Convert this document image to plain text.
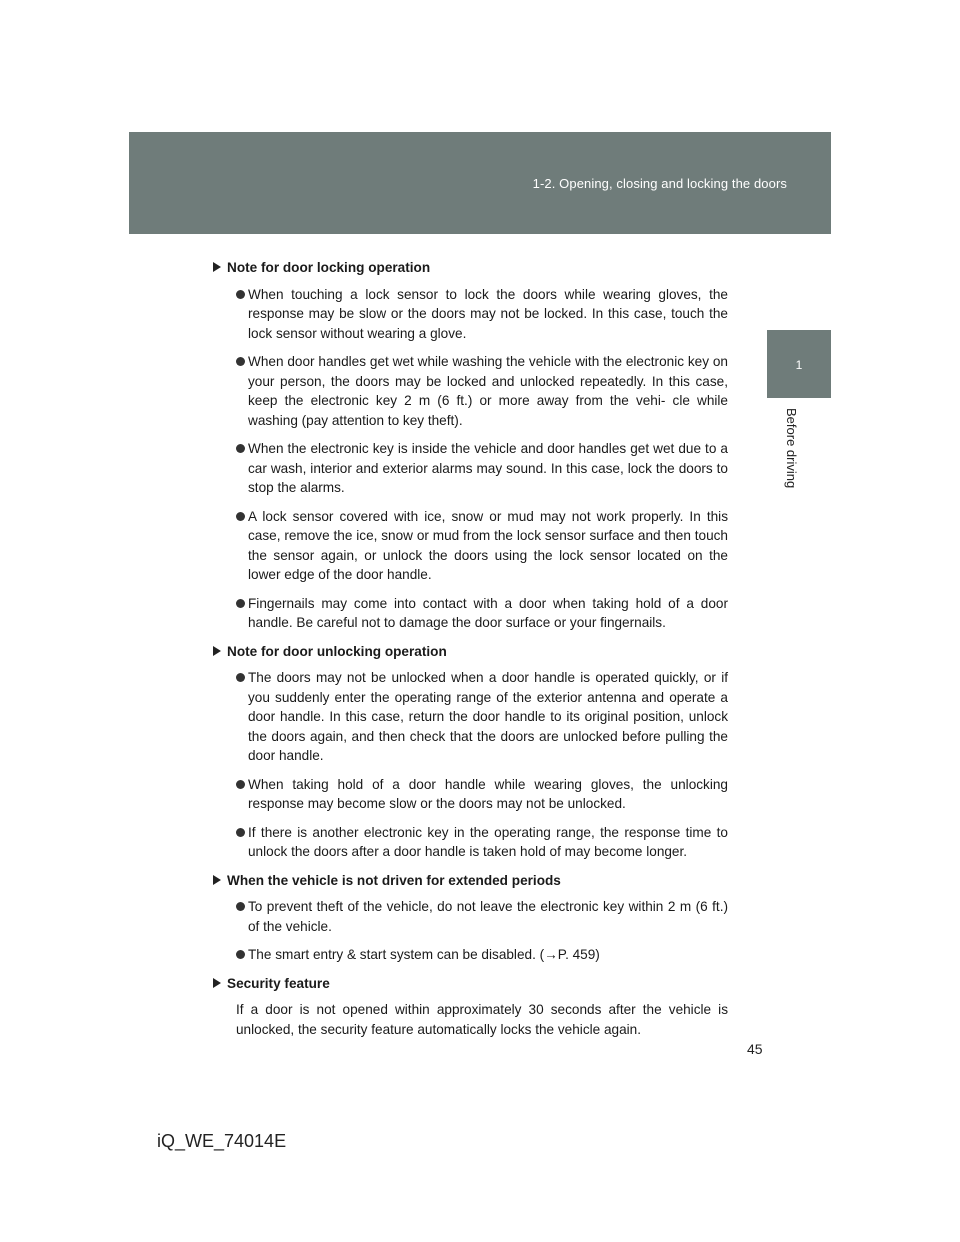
1-2. Opening, closing and locking the doors
1
Before driving
Note for door locking operation
When touching a lock sensor to lock the doors while wearing gloves, the response may be slow or the doors may not be locked. In this case, touch the lock sensor without wearing a glove.
When door handles get wet while washing the vehicle with the electronic key on your person, the doors may be locked and unlocked repeatedly. In this case, keep the electronic key 2 m (6 ft.) or more away from the vehi- cle while washing (pay attention to key theft).
When the electronic key is inside the vehicle and door handles get wet due to a car wash, interior and exterior alarms may sound. In this case, lock the doors to stop the alarms.
A lock sensor covered with ice, snow or mud may not work properly. In this case, remove the ice, snow or mud from the lock sensor surface and then touch the sensor again, or unlock the doors using the lock sensor located on the lower edge of the door handle.
Fingernails may come into contact with a door when taking hold of a door handle. Be careful not to damage the door surface or your fingernails.
Note for door unlocking operation
The doors may not be unlocked when a door handle is operated quickly, or if you suddenly enter the operating range of the exterior antenna and operate a door handle. In this case, return the door handle to its original position, unlock the doors again, and then check that the doors are unlocked before pulling the door handle.
When taking hold of a door handle while wearing gloves, the unlocking response may become slow or the doors may not be unlocked.
If there is another electronic key in the operating range, the response time to unlock the doors after a door handle is taken hold of may become longer.
When the vehicle is not driven for extended periods
To prevent theft of the vehicle, do not leave the electronic key within 2 m (6 ft.) of the vehicle.
The smart entry & start system can be disabled. (→P. 459)
Security feature
If a door is not opened within approximately 30 seconds after the vehicle is unlocked, the security feature automatically locks the vehicle again.
45
iQ_WE_74014E
